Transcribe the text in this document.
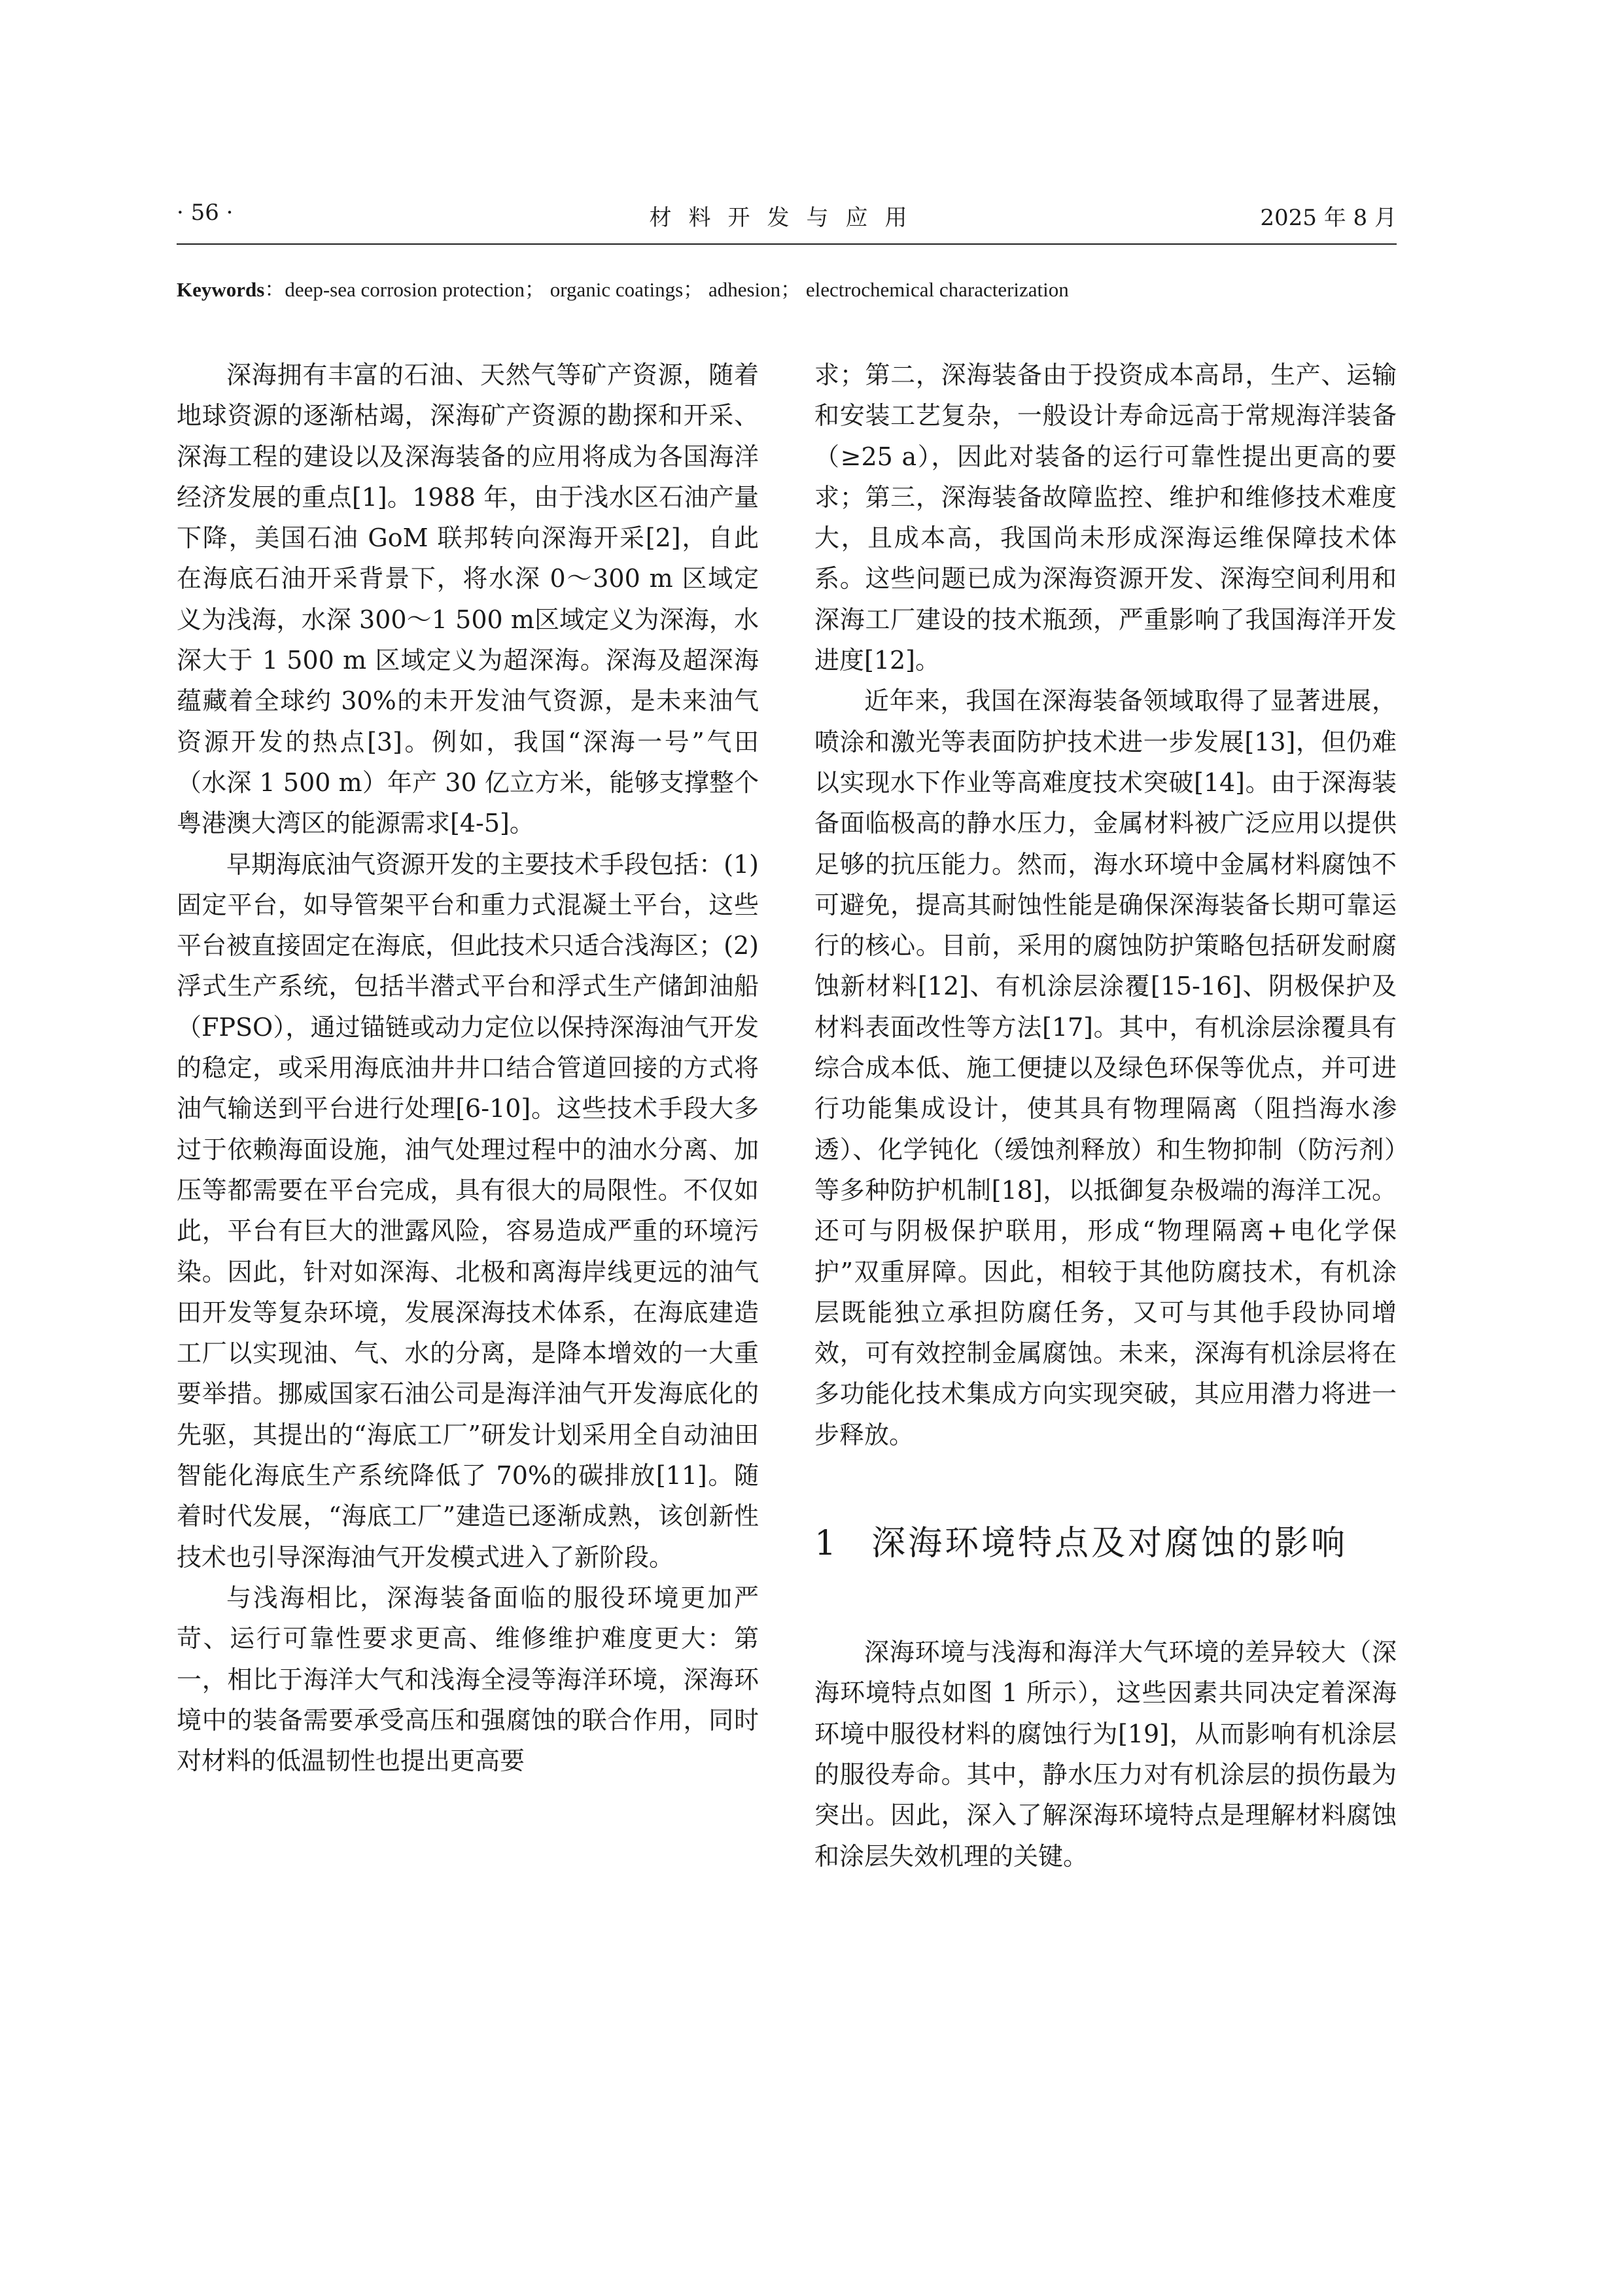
· 56 ·	材料开发与应用	2025 年 8 月
Keywords：deep-sea corrosion protection； organic coatings； adhesion； electrochemical characterization

深海拥有丰富的石油、天然气等矿产资源，随着地球资源的逐渐枯竭，深海矿产资源的勘探和开采、深海工程的建设以及深海装备的应用将成为各国海洋经济发展的重点[1]。1988 年，由于浅水区石油产量下降，美国石油 GoM 联邦转向深海开采[2]，自此在海底石油开采背景下，将水深 0～300 m 区域定义为浅海，水深 300～1 500 m区域定义为深海，水深大于 1 500 m 区域定义为超深海。深海及超深海蕴藏着全球约 30%的未开发油气资源，是未来油气资源开发的热点[3]。例如，我国“深海一号”气田（水深 1 500 m）年产 30 亿立方米，能够支撑整个粤港澳大湾区的能源需求[4-5]。

早期海底油气资源开发的主要技术手段包括：(1)固定平台，如导管架平台和重力式混凝土平台，这些平台被直接固定在海底，但此技术只适合浅海区；(2)浮式生产系统，包括半潜式平台和浮式生产储卸油船（FPSO），通过锚链或动力定位以保持深海油气开发的稳定，或采用海底油井井口结合管道回接的方式将油气输送到平台进行处理[6-10]。这些技术手段大多过于依赖海面设施，油气处理过程中的油水分离、加压等都需要在平台完成，具有很大的局限性。不仅如此，平台有巨大的泄露风险，容易造成严重的环境污染。因此，针对如深海、北极和离海岸线更远的油气田开发等复杂环境，发展深海技术体系，在海底建造工厂以实现油、气、水的分离，是降本增效的一大重要举措。挪威国家石油公司是海洋油气开发海底化的先驱，其提出的“海底工厂”研发计划采用全自动油田智能化海底生产系统降低了 70%的碳排放[11]。随着时代发展，“海底工厂”建造已逐渐成熟，该创新性技术也引导深海油气开发模式进入了新阶段。

与浅海相比，深海装备面临的服役环境更加严苛、运行可靠性要求更高、维修维护难度更大：第一，相比于海洋大气和浅海全浸等海洋环境，深海环境中的装备需要承受高压和强腐蚀的联合作用，同时对材料的低温韧性也提出更高要

求；第二，深海装备由于投资成本高昂，生产、运输和安装工艺复杂，一般设计寿命远高于常规海洋装备（≥25 a），因此对装备的运行可靠性提出更高的要求；第三，深海装备故障监控、维护和维修技术难度大，且成本高，我国尚未形成深海运维保障技术体系。这些问题已成为深海资源开发、深海空间利用和深海工厂建设的技术瓶颈，严重影响了我国海洋开发进度[12]。

近年来，我国在深海装备领域取得了显著进展，喷涂和激光等表面防护技术进一步发展[13]，但仍难以实现水下作业等高难度技术突破[14]。由于深海装备面临极高的静水压力，金属材料被广泛应用以提供足够的抗压能力。然而，海水环境中金属材料腐蚀不可避免，提高其耐蚀性能是确保深海装备长期可靠运行的核心。目前，采用的腐蚀防护策略包括研发耐腐蚀新材料[12]、有机涂层涂覆[15-16]、阴极保护及材料表面改性等方法[17]。其中，有机涂层涂覆具有综合成本低、施工便捷以及绿色环保等优点，并可进行功能集成设计，使其具有物理隔离（阻挡海水渗透）、化学钝化（缓蚀剂释放）和生物抑制（防污剂）等多种防护机制[18]，以抵御复杂极端的海洋工况。还可与阴极保护联用，形成“物理隔离+电化学保护”双重屏障。因此，相较于其他防腐技术，有机涂层既能独立承担防腐任务，又可与其他手段协同增效，可有效控制金属腐蚀。未来，深海有机涂层将在多功能化技术集成方向实现突破，其应用潜力将进一步释放。

1 深海环境特点及对腐蚀的影响

深海环境与浅海和海洋大气环境的差异较大（深海环境特点如图 1 所示），这些因素共同决定着深海环境中服役材料的腐蚀行为[19]，从而影响有机涂层的服役寿命。其中，静水压力对有机涂层的损伤最为突出。因此，深入了解深海环境特点是理解材料腐蚀和涂层失效机理的关键。
